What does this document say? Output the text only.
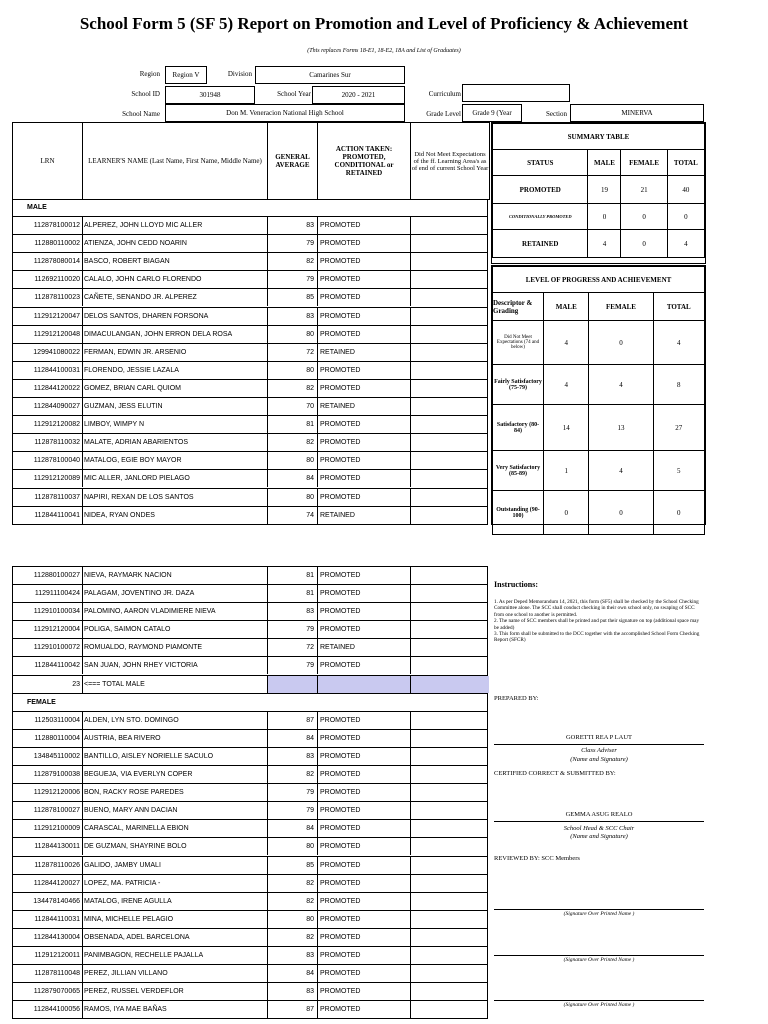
School Form 5 (SF 5) Report on Promotion and Level of Proficiency & Achievement
(This replaces Forms 18-E1, 18-E2, 18A and List of Graduates)
Region	Region V	Division	Camarines Sur
School ID	301948	School Year	2020 - 2021	Curriculum
School Name	Don M. Veneracion National High School	Grade Level	Grade 9 (Year	Section	MINERVA
LRN	LEARNER'S NAME (Last Name, First Name, Middle Name)	GENERAL AVERAGE
ACTION TAKEN: PROMOTED, CONDITIONAL or RETAINED
Did Not Meet Expectations of the ff. Learning Area/s as of end of current School Year
MALE
112878100012 ALPEREZ, JOHN LLOYD MIC ALLER	83 PROMOTED
112880110002 ATIENZA, JOHN CEDD NOARIN	79 PROMOTED
112878080014 BASCO, ROBERT BIAGAN	82 PROMOTED
112692110020 CALALO, JOHN CARLO FLORENDO	79 PROMOTED
112878110023 CAÑETE, SENANDO JR. ALPEREZ	85 PROMOTED
112912120047 DELOS SANTOS, DHAREN FORSONA	83 PROMOTED
112912120048 DIMACULANGAN, JOHN ERRON DELA ROSA	80 PROMOTED
129941080022 FERMAN, EDWIN JR. ARSENIO	72 RETAINED
112844100031 FLORENDO, JESSIE LAZALA	80 PROMOTED
112844120022 GOMEZ, BRIAN CARL QUIOM	82 PROMOTED
112844090027 GUZMAN, JESS ELUTIN	70 RETAINED
112912120082 LIMBOY, WIMPY N	81 PROMOTED
112878110032 MALATE, ADRIAN ABARIENTOS	82 PROMOTED
112878100040 MATALOG, EGIE BOY MAYOR	80 PROMOTED
112912120089 MIC ALLER, JANLORD PIELAGO	84 PROMOTED
112878110037 NAPIRI, REXAN DE LOS SANTOS	80 PROMOTED
112844110041 NIDEA, RYAN ONDES	74 RETAINED
112880100027 NIEVA, RAYMARK NACION	81 PROMOTED
112911100424 PALAGAM, JOVENTINO JR. DAZA	81 PROMOTED
112910100034 PALOMINO, AARON VLADIMIERE NIEVA	83 PROMOTED
112912120004 POLIGA, SAIMON CATALO	79 PROMOTED
112910100072 ROMUALDO, RAYMOND PIAMONTE	72 RETAINED
112844110042 SAN JUAN, JOHN RHEY VICTORIA	79 PROMOTED
23 <=== TOTAL MALE
FEMALE
112503110004 ALDEN, LYN STO. DOMINGO	87 PROMOTED
112880110004 AUSTRIA, BEA RIVERO	84 PROMOTED
134845110002 BANTILLO, AISLEY NORIELLE SACULO	83 PROMOTED
112879100038 BEGUEJA, VIA EVERLYN COPER	82 PROMOTED
112912120006 BON, RACKY ROSE PAREDES	79 PROMOTED
112878100027 BUENO, MARY ANN DACIAN	79 PROMOTED
112912100009 CARASCAL, MARINELLA EBION	84 PROMOTED
112844130011 DE GUZMAN, SHAYRINE BOLO	80 PROMOTED
112878110026 GALIDO, JAMBY UMALI	85 PROMOTED
112844120027 LOPEZ, MA. PATRICIA -	82 PROMOTED
134478140466 MATALOG, IRENE AGULLA	82 PROMOTED
112844110031 MINA, MICHELLE PELAGIO	80 PROMOTED
112844130004 OBSENADA, ADEL BARCELONA	82 PROMOTED
112912120011 PANIMBAGON, RECHELLE PAJALLA	83 PROMOTED
112878110048 PEREZ, JILLIAN VILLANO	84 PROMOTED
112879070065 PEREZ, RUSSEL VERDEFLOR	83 PROMOTED
112844100056 RAMOS, IYA MAE BAÑAS	87 PROMOTED
SUMMARY TABLE			
STATUS	MALE	FEMALE	TOTAL
PROMOTED	19	21	40
CONDITIONALLY PROMOTED	0	0	0
RETAINED	4	0	4
LEVEL OF PROGRESS AND ACHIEVEMENT			
Descriptor & Grading	MALE	FEMALE	TOTAL
Did Not Meet Expectations (74 and below)	4	0	4
Fairly Satisfactory (75-79)	4	4	8
Satisfactory (80-84)	14	13	27
Very Satisfactory (85-89)	1	4	5
Outstanding (90-100)	0	0	0
Instructions:
1. As per Deped Memorandum 14, 2021, this form (SF5) shall be checked by the School Checking Committee alone. The SCC shall conduct checking in their own school only, no swaping of SCC from one school to another is permitted.
2. The name of SCC members shall be printed and put their signature on top (additional space may be added)
3. This form shall be submitted to the DCC together with the accomplished School Form Checking Report (SFCR)
PREPARED BY:
GORETTI REA P LAUT
Class Adviser
(Name and Signature)
CERTIFIED CORRECT & SUBMITTED BY:
GEMMA ASUG REALO
School Head & SCC Chair
(Name and Signature)
REVIEWED BY: SCC Members
(Signature Over Printed Name )
(Signature Over Printed Name )
(Signature Over Printed Name )
